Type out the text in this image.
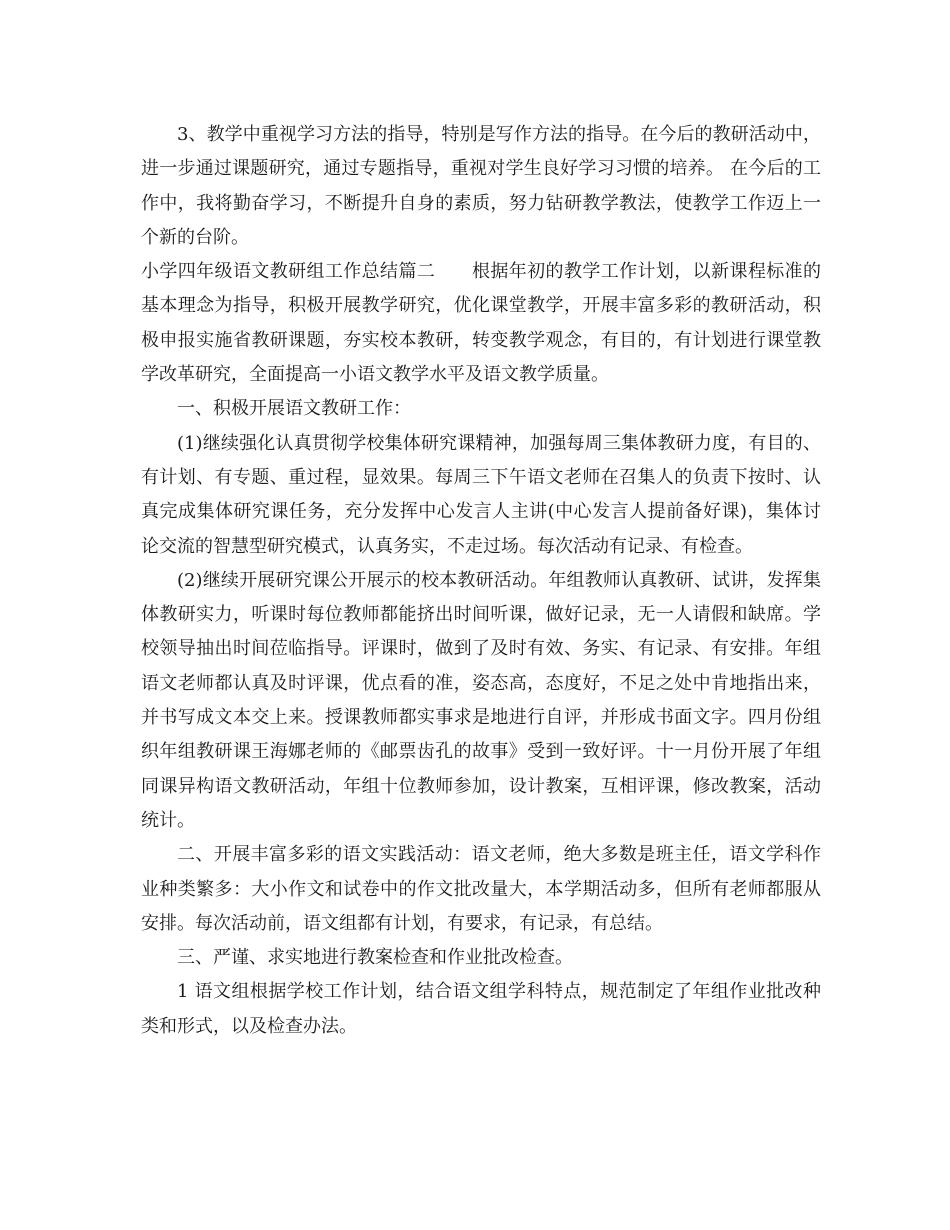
3、教学中重视学习方法的指导，特别是写作方法的指导。在今后的教研活动中，进一步通过课题研究，通过专题指导，重视对学生良好学习习惯的培养。 在今后的工作中，我将勤奋学习，不断提升自身的素质，努力钻研教学教法，使教学工作迈上一个新的台阶。

小学四年级语文教研组工作总结篇二　　根据年初的教学工作计划，以新课程标准的基本理念为指导，积极开展教学研究，优化课堂教学，开展丰富多彩的教研活动，积极申报实施省教研课题，夯实校本教研，转变教学观念，有目的，有计划进行课堂教学改革研究，全面提高一小语文教学水平及语文教学质量。

一、积极开展语文教研工作：

(1)继续强化认真贯彻学校集体研究课精神，加强每周三集体教研力度，有目的、有计划、有专题、重过程，显效果。每周三下午语文老师在召集人的负责下按时、认真完成集体研究课任务，充分发挥中心发言人主讲(中心发言人提前备好课)，集体讨论交流的智慧型研究模式，认真务实，不走过场。每次活动有记录、有检查。

(2)继续开展研究课公开展示的校本教研活动。年组教师认真教研、试讲，发挥集体教研实力，听课时每位教师都能挤出时间听课，做好记录，无一人请假和缺席。学校领导抽出时间莅临指导。评课时，做到了及时有效、务实、有记录、有安排。年组语文老师都认真及时评课，优点看的准，姿态高，态度好，不足之处中肯地指出来，并书写成文本交上来。授课教师都实事求是地进行自评，并形成书面文字。四月份组织年组教研课王海娜老师的《邮票齿孔的故事》受到一致好评。十一月份开展了年组同课异构语文教研活动，年组十位教师参加，设计教案，互相评课，修改教案，活动统计。

二、开展丰富多彩的语文实践活动：语文老师，绝大多数是班主任，语文学科作业种类繁多：大小作文和试卷中的作文批改量大，本学期活动多，但所有老师都服从安排。每次活动前，语文组都有计划，有要求，有记录，有总结。

三、严谨、求实地进行教案检查和作业批改检查。

1 语文组根据学校工作计划，结合语文组学科特点，规范制定了年组作业批改种类和形式，以及检查办法。
